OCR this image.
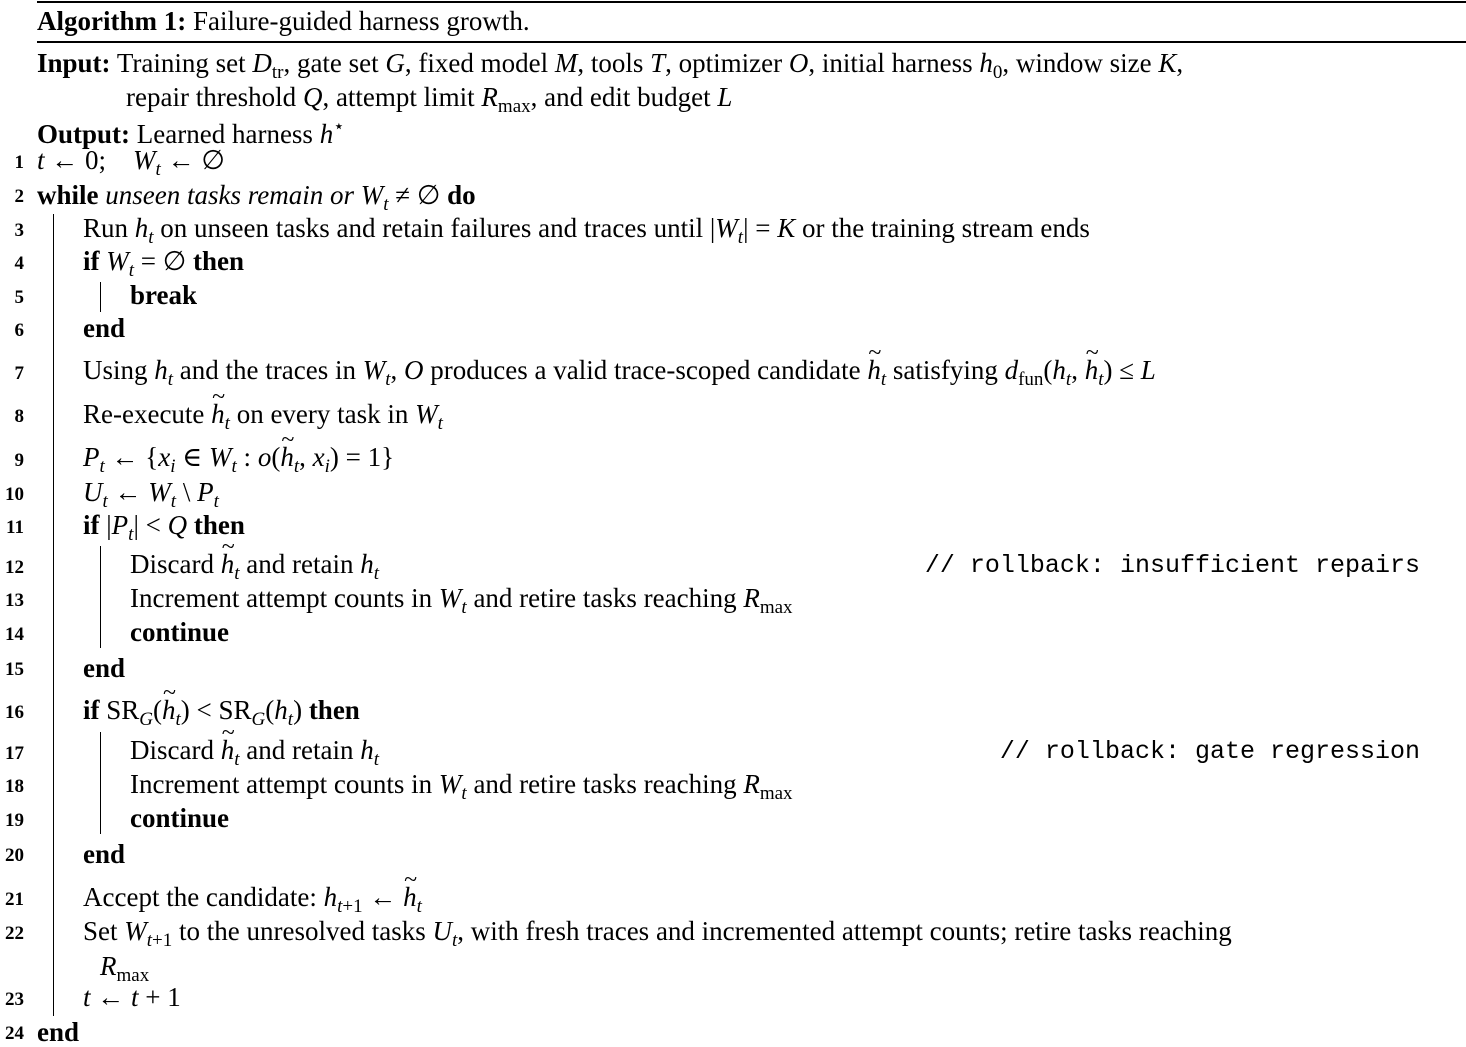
Algorithm 1: Failure-guided harness growth.
Input: Training set $D_{tr}$, gate set G, fixed model M, tools T, optimizer O, initial harness $h_0$, window size K,
repair threshold Q, attempt limit $R_{max}$, and edit budget L
Output: Learned harness h⋆
1
2
3
4
5
6
7
8
9
10
11
12
13
14
15
16
17
18
19
20
21
22
23
24
t ← 0;    $W_t$ ← ∅
while unseen tasks remain or $W_t$ ≠ ∅ do
Run $h_t$ on unseen tasks and retain failures and traces until $|W_t| = K$ or the training stream ends
if $W_t$ = ∅ then
break
end
Using $h_t$ and the traces in $W_t$, O produces a valid trace-scoped candidate ~ $h_t$ satisfying $d_{fun}(h_t$, ~ $h_t) \le L$
Re-execute ~ $h_t$ on every task in $W_t$
$P_t$ ← {$x_i$ ∈ $W_t$ : o(~ $h_t$, $x_i) = 1$}
$U_t$ ← $W_t$ \ $P_t$
if $|P_t| < Q$ then
Discard ~ $h_t$ and retain $h_t$	// rollback: insufficient repairs
Increment attempt counts in $W_t$ and retire tasks reaching $R_{max}$
continue
end
if $SR_G(\sim$ $h_t) < SR_G(h_t)$ then
Discard ~ $h_t$ and retain $h_t$	// rollback: gate regression
Increment attempt counts in $W_t$ and retire tasks reaching $R_{max}$
continue
end
Accept the candidate: $h_{t+1}$ ← ~ $h_t$
Set $W_{t+1}$ to the unresolved tasks $U_t$, with fresh traces and incremented attempt counts; retire tasks reaching
$R_{max}$
t ← t + 1
end
